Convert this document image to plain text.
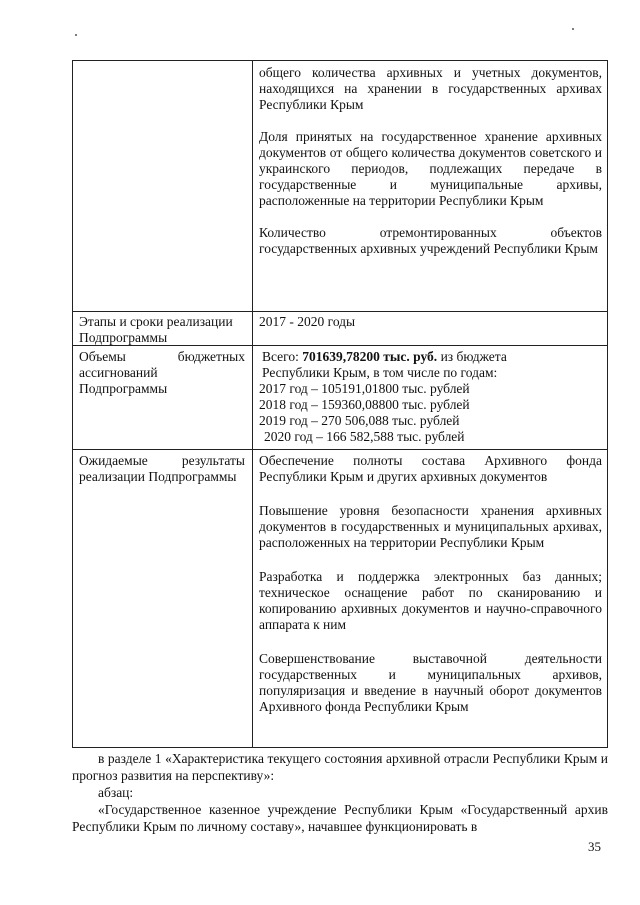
общего количества архивных и учетных документов, находящихся на хранении в государственных архивах Республики Крым

Доля принятых на государственное хранение архивных документов от общего количества документов советского и украинского периодов, подлежащих передаче в государственные и муниципальные архивы, расположенные на территории Республики Крым

Количество отремонтированных объектов государственных архивных учреждений Республики Крым

Этапы и сроки реализации Подпрограммы
2017 - 2020 годы
Объемы бюджетных ассигнований Подпрограммы

Всего: 701639,78200 тыс. руб. из бюджета

Республики Крым, в том числе по годам:

2017 год – 105191,01800 тыс. рублей

2018 год – 159360,08800 тыс. рублей

2019 год – 270 506,088 тыс. рублей

2020 год – 166 582,588 тыс. рублей

Ожидаемые результаты реализации Подпрограммы

Обеспечение полноты состава Архивного фонда Республики Крым и других архивных документов

Повышение уровня безопасности хранения архивных документов в государственных и муниципальных архивах, расположенных на территории Республики Крым

Разработка и поддержка электронных баз данных; техническое оснащение работ по сканированию и копированию архивных документов и научно-справочного аппарата к ним

Совершенствование выставочной деятельности государственных и муниципальных архивов, популяризация и введение в научный оборот документов Архивного фонда Республики Крым

в разделе 1 «Характеристика текущего состояния архивной отрасли Республики Крым и прогноз развития на перспективу»:
абзац:
«Государственное казенное учреждение Республики Крым «Государственный архив Республики Крым по личному составу», начавшее функционировать в
35
